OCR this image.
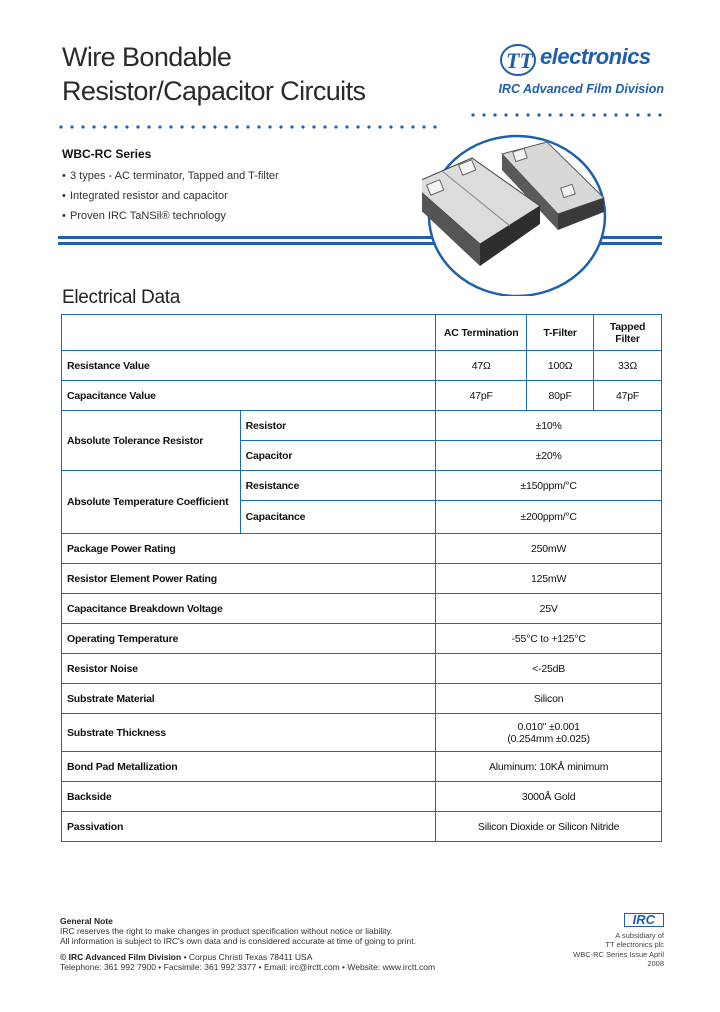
Wire Bondable
Resistor/Capacitor Circuits
TT electronics
IRC Advanced Film Division
WBC-RC Series
• 3 types - AC terminator, Tapped and T-filter
• Integrated resistor and capacitor
• Proven IRC TaNSil® technology
Electrical Data
		AC Termination	T-Filter	Tapped Filter
Resistance Value		47Ω	100Ω	33Ω
Capacitance Value		47pF	80pF	47pF
Absolute Tolerance Resistor	Resistor	±10%		
	Capacitor	±20%		
Absolute Temperature Coefficient	Resistance	±150ppm/°C		
	Capacitance	±200ppm/°C		
Package Power Rating		250mW		
Resistor Element Power Rating		125mW		
Capacitance Breakdown Voltage		25V		
Operating Temperature		-55°C to +125°C		
Resistor Noise		<-25dB		
Substrate Material		Silicon		
Substrate Thickness		0.010" ±0.001
(0.254mm ±0.025)		

Bond Pad Metallization		Aluminum: 10KÅ minimum		
Backside		3000Å Gold		
Passivation		Silicon Dioxide or Silicon Nitride		
General Note
IRC reserves the right to make changes in product specification without notice or liability.
All information is subject to IRC's own data and is considered accurate at time of going to print.
© IRC Advanced Film Division • Corpus Christi Texas 78411 USA
Telephone: 361 992 7900 • Facsimile: 361 992 3377 • Email: irc@irctt.com • Website: www.irctt.com
IRC
A subsidiary of
TT electronics plc
WBC-RC Series Issue April 2008
